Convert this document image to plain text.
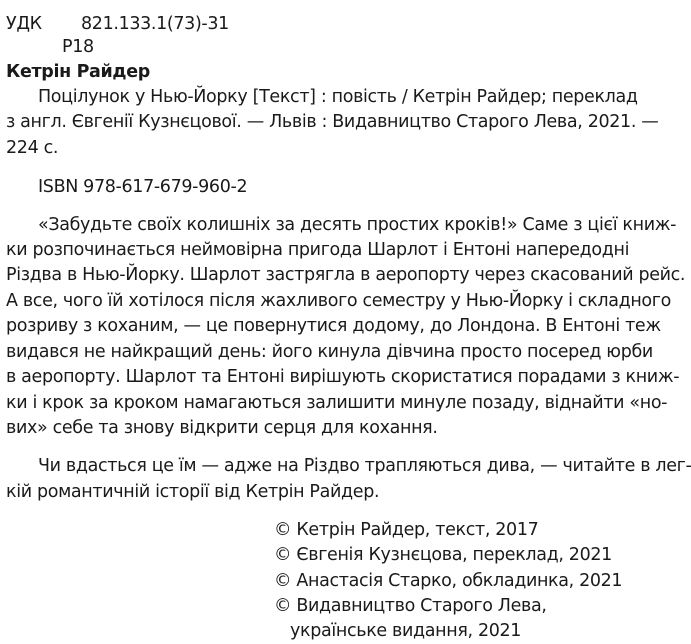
УДК 821.133.1(73)-31
Р18
Кетрін Райдер
Поцілунок у Нью-Йорку [Текст] : повість / Кетрін Райдер; переклад
з англ. Євгенії Кузнєцової. — Львів : Видавництво Старого Лева, 2021. —
224 с.
ISBN 978-617-679-960-2
«Забудьте своїх колишніх за десять простих кроків!» Саме з цієї книж-
ки розпочинається неймовірна пригода Шарлот і Ентоні напередодні
Різдва в Нью-Йорку. Шарлот застрягла в аеропорту через скасований рейс.
А все, чого їй хотілося після жахливого семестру у Нью-Йорку і складного
розриву з коханим, — це повернутися додому, до Лондона. В Ентоні теж
видався не найкращий день: його кинула дівчина просто посеред юрби
в аеропорту. Шарлот та Ентоні вирішують скористатися порадами з книж-
ки і крок за кроком намагаються залишити минуле позаду, віднайти «но-
вих» себе та знову відкрити серця для кохання.
Чи вдасться це їм — адже на Різдво трапляються дива, — читайте в лег-
кій романтичній історії від Кетрін Райдер.
© Кетрін Райдер, текст, 2017
© Євгенія Кузнєцова, переклад, 2021
© Анастасія Старко, обкладинка, 2021
© Видавництво Старого Лева,
українське видання, 2021
